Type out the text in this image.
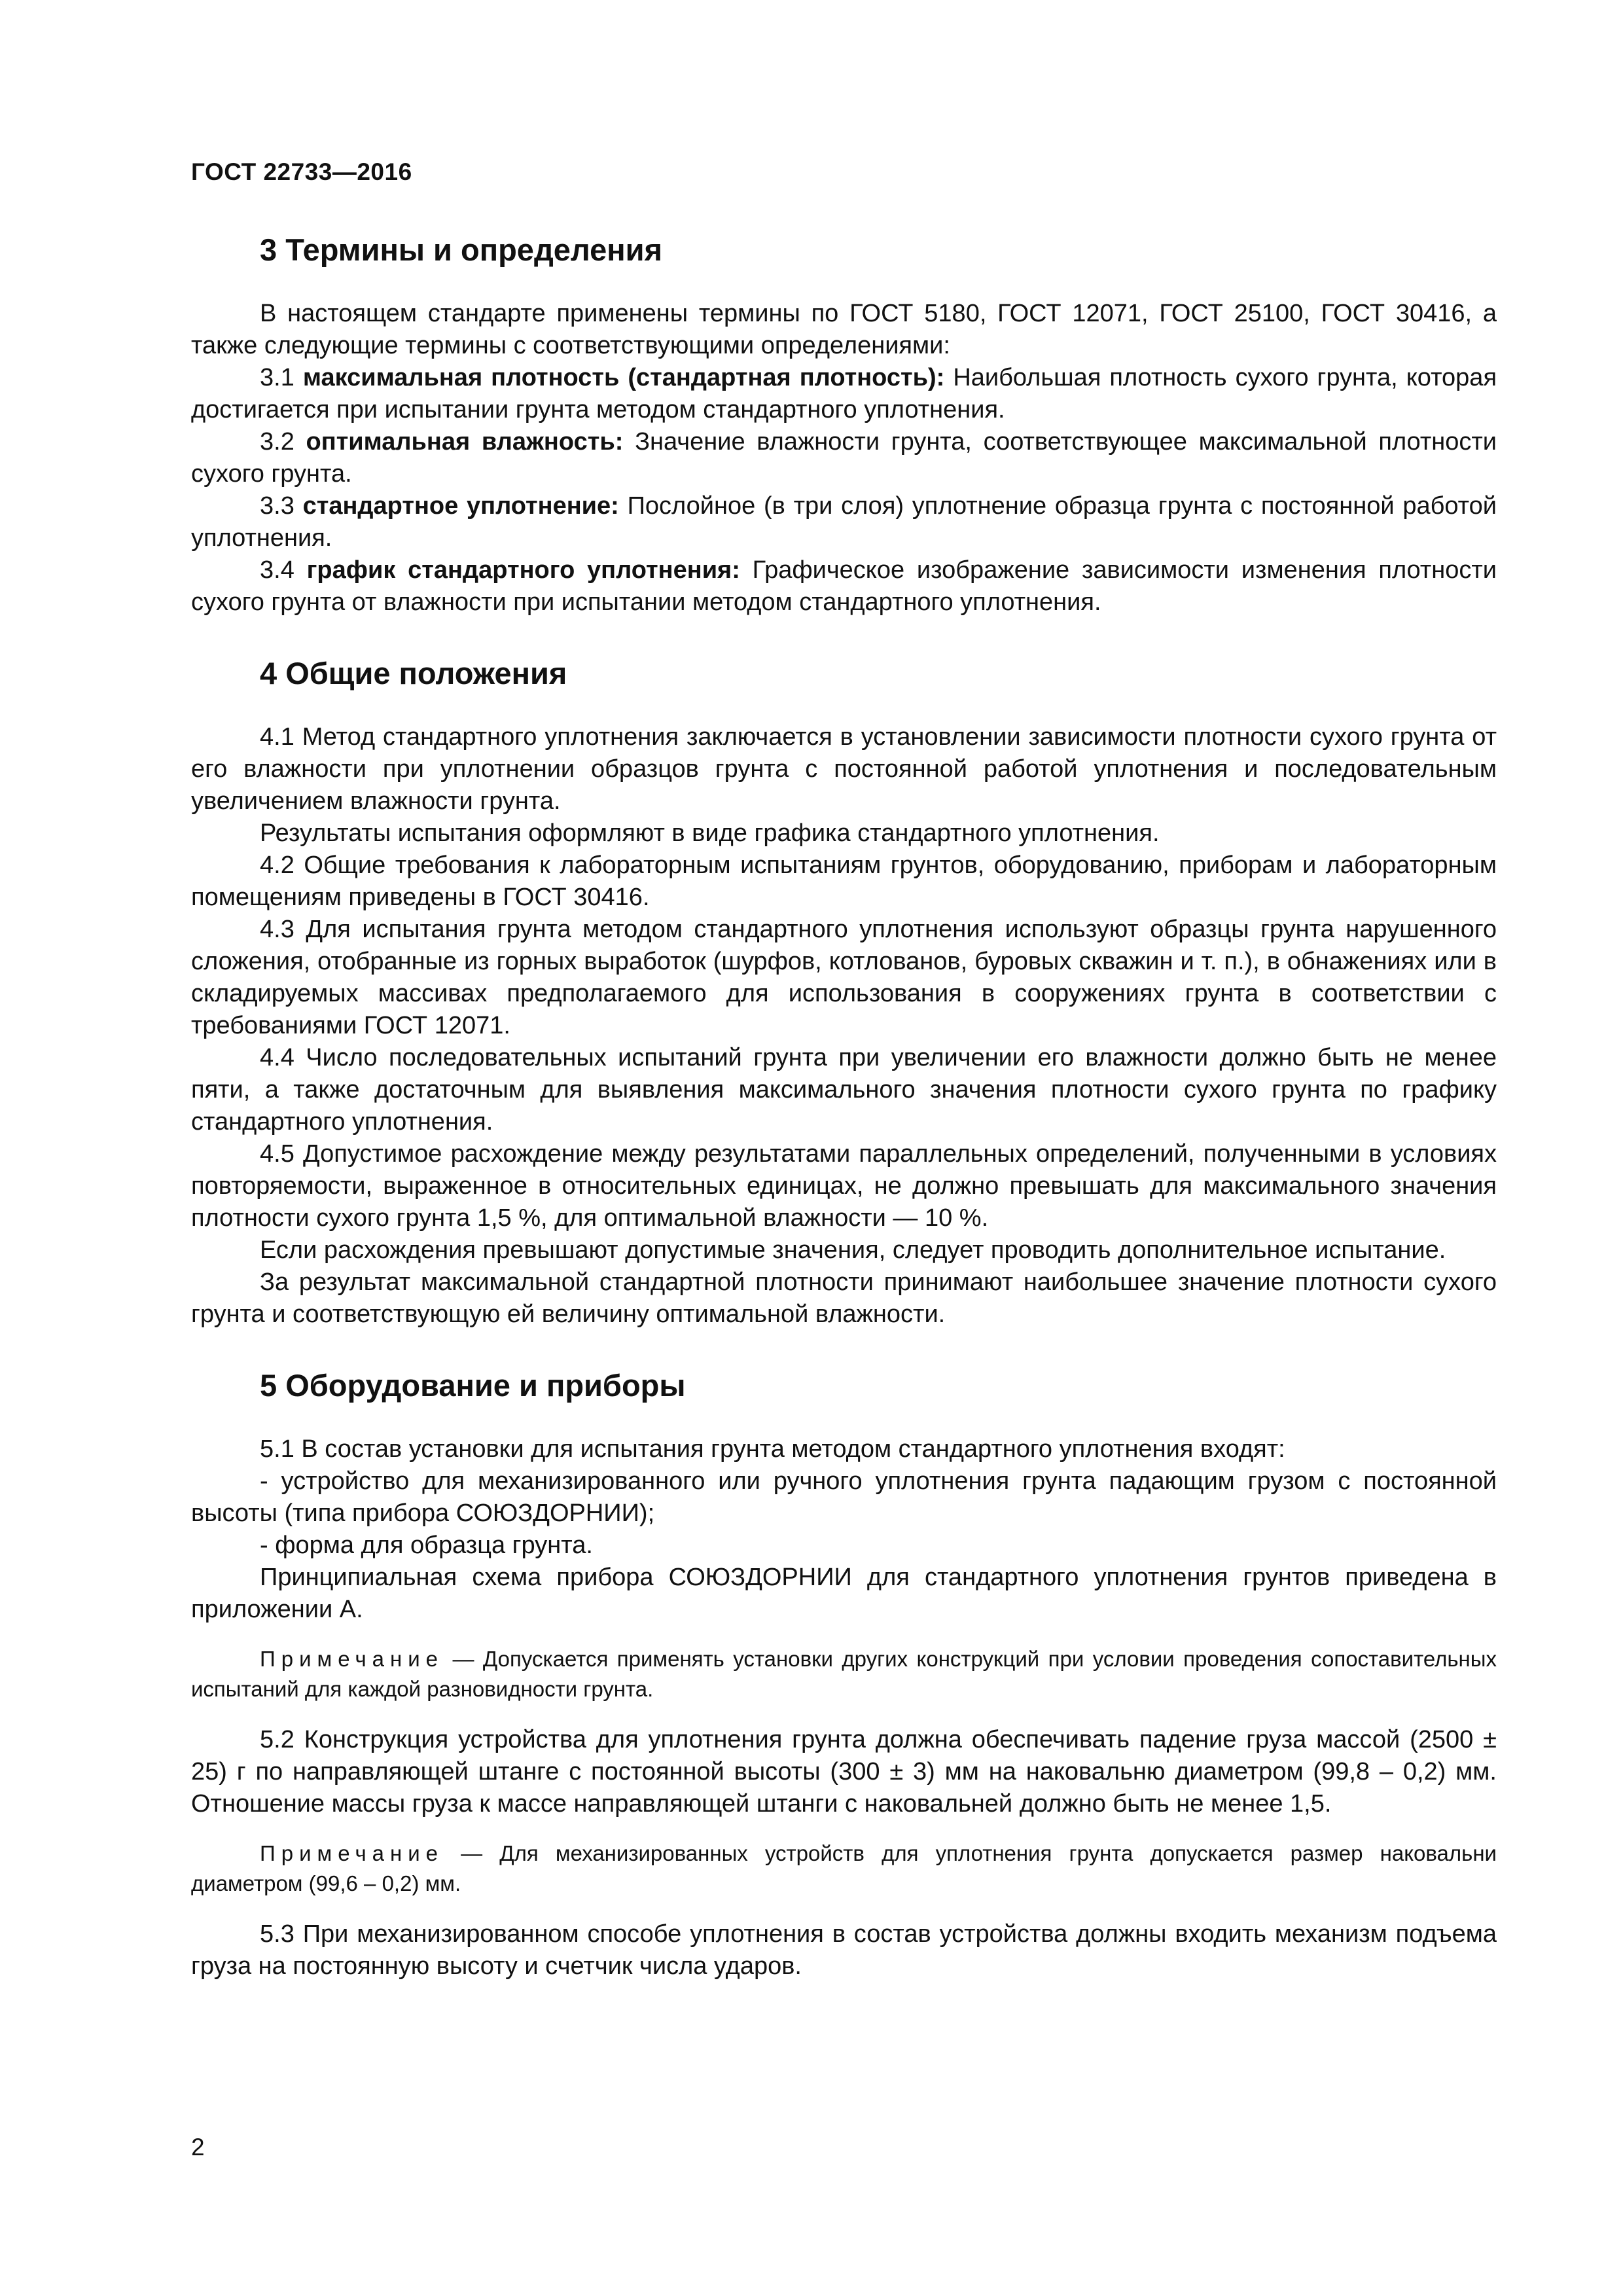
ГОСТ 22733—2016
3 Термины и определения

В настоящем стандарте применены термины по ГОСТ 5180, ГОСТ 12071, ГОСТ 25100, ГОСТ 30416, а также следующие термины с соответствующими определениями:

3.1 максимальная плотность (стандартная плотность): Наибольшая плотность сухого грунта, которая достигается при испытании грунта методом стандартного уплотнения.

3.2 оптимальная влажность: Значение влажности грунта, соответствующее максимальной плотности сухого грунта.

3.3 стандартное уплотнение: Послойное (в три слоя) уплотнение образца грунта с постоянной работой уплотнения.

3.4 график стандартного уплотнения: Графическое изображение зависимости изменения плотности сухого грунта от влажности при испытании методом стандартного уплотнения.

4 Общие положения

4.1 Метод стандартного уплотнения заключается в установлении зависимости плотности сухого грунта от его влажности при уплотнении образцов грунта с постоянной работой уплотнения и последовательным увеличением влажности грунта.

Результаты испытания оформляют в виде графика стандартного уплотнения.

4.2 Общие требования к лабораторным испытаниям грунтов, оборудованию, приборам и лабораторным помещениям приведены в ГОСТ 30416.

4.3 Для испытания грунта методом стандартного уплотнения используют образцы грунта нарушенного сложения, отобранные из горных выработок (шурфов, котлованов, буровых скважин и т. п.), в обнажениях или в складируемых массивах предполагаемого для использования в сооружениях грунта в соответствии с требованиями ГОСТ 12071.

4.4 Число последовательных испытаний грунта при увеличении его влажности должно быть не менее пяти, а также достаточным для выявления максимального значения плотности сухого грунта по графику стандартного уплотнения.

4.5 Допустимое расхождение между результатами параллельных определений, полученными в условиях повторяемости, выраженное в относительных единицах, не должно превышать для максимального значения плотности сухого грунта 1,5 %, для оптимальной влажности — 10 %.

Если расхождения превышают допустимые значения, следует проводить дополнительное испытание.

За результат максимальной стандартной плотности принимают наибольшее значение плотности сухого грунта и соответствующую ей величину оптимальной влажности.

5 Оборудование и приборы

5.1 В состав установки для испытания грунта методом стандартного уплотнения входят:

- устройство для механизированного или ручного уплотнения грунта падающим грузом с постоянной высоты (типа прибора СОЮЗДОРНИИ);

- форма для образца грунта.

Принципиальная схема прибора СОЮЗДОРНИИ для стандартного уплотнения грунтов приведена в приложении А.

Примечание — Допускается применять установки других конструкций при условии проведения сопоставительных испытаний для каждой разновидности грунта.

5.2 Конструкция устройства для уплотнения грунта должна обеспечивать падение груза массой (2500 ± 25) г по направляющей штанге с постоянной высоты (300 ± 3) мм на наковальню диаметром (99,8 – 0,2) мм. Отношение массы груза к массе направляющей штанги с наковальней должно быть не менее 1,5.

Примечание — Для механизированных устройств для уплотнения грунта допускается размер наковальни диаметром (99,6 – 0,2) мм.

5.3 При механизированном способе уплотнения в состав устройства должны входить механизм подъема груза на постоянную высоту и счетчик числа ударов.

2
